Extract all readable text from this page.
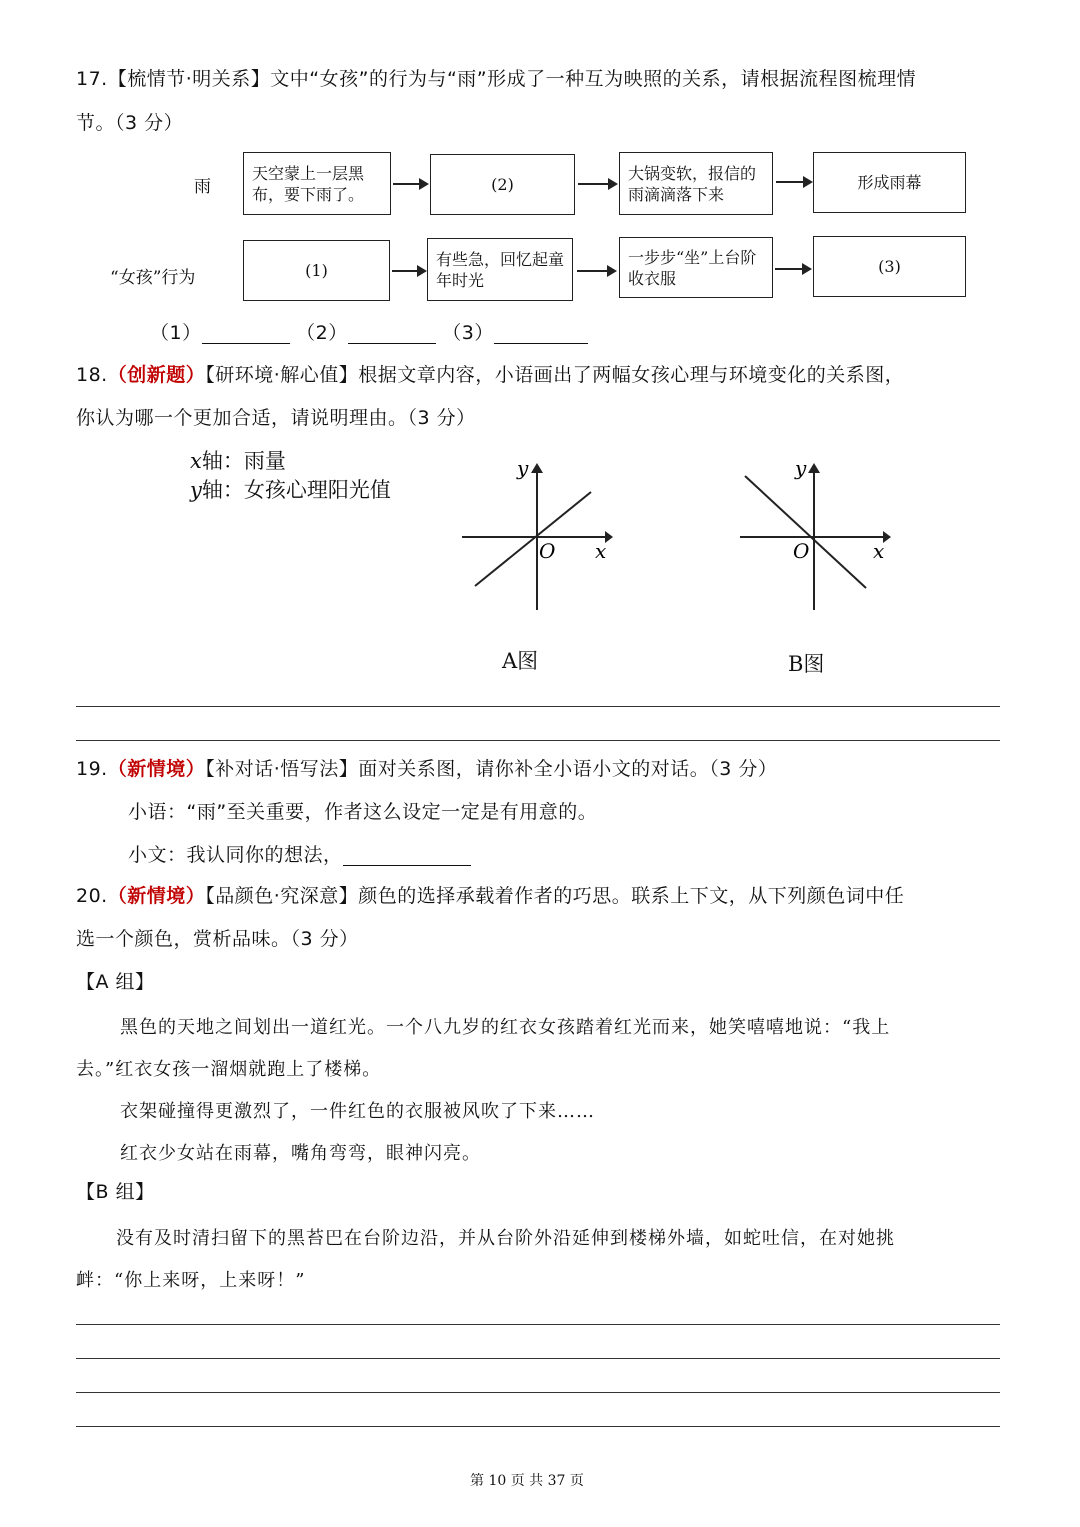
17.【梳情节·明关系】文中“女孩”的行为与“雨”形成了一种互为映照的关系，请根据流程图梳理情
节。（3 分）
雨
“女孩”行为
天空蒙上一层黑布，要下雨了。	(2)
大锅变软，报信的雨滴滴落下来
形成雨幕
(1)
有些急，回忆起童年时光
一步步“坐”上台阶收衣服
(3)
（1）	（2）	（3）
18.（创新题）【研环境·解心值】根据文章内容，小语画出了两幅女孩心理与环境变化的关系图，
你认为哪一个更加合适，请说明理由。（3 分）
x轴：雨量
y轴：女孩心理阳光值
y
x
O
y
x
O
A图	B图
19.（新情境）【补对话·悟写法】面对关系图，请你补全小语小文的对话。（3 分）
小语：“雨”至关重要，作者这么设定一定是有用意的。
小文：我认同你的想法，
20.（新情境）【品颜色·究深意】颜色的选择承载着作者的巧思。联系上下文，从下列颜色词中任
选一个颜色，赏析品味。（3 分）
【A 组】
黑色的天地之间划出一道红光。一个八九岁的红衣女孩踏着红光而来，她笑嘻嘻地说：“我上
去。”红衣女孩一溜烟就跑上了楼梯。
衣架碰撞得更激烈了，一件红色的衣服被风吹了下来……
红衣少女站在雨幕，嘴角弯弯，眼神闪亮。
【B 组】
没有及时清扫留下的黑苔巴在台阶边沿，并从台阶外沿延伸到楼梯外墙，如蛇吐信，在对她挑
衅：“你上来呀，上来呀！”
第 10 页 共 37 页
